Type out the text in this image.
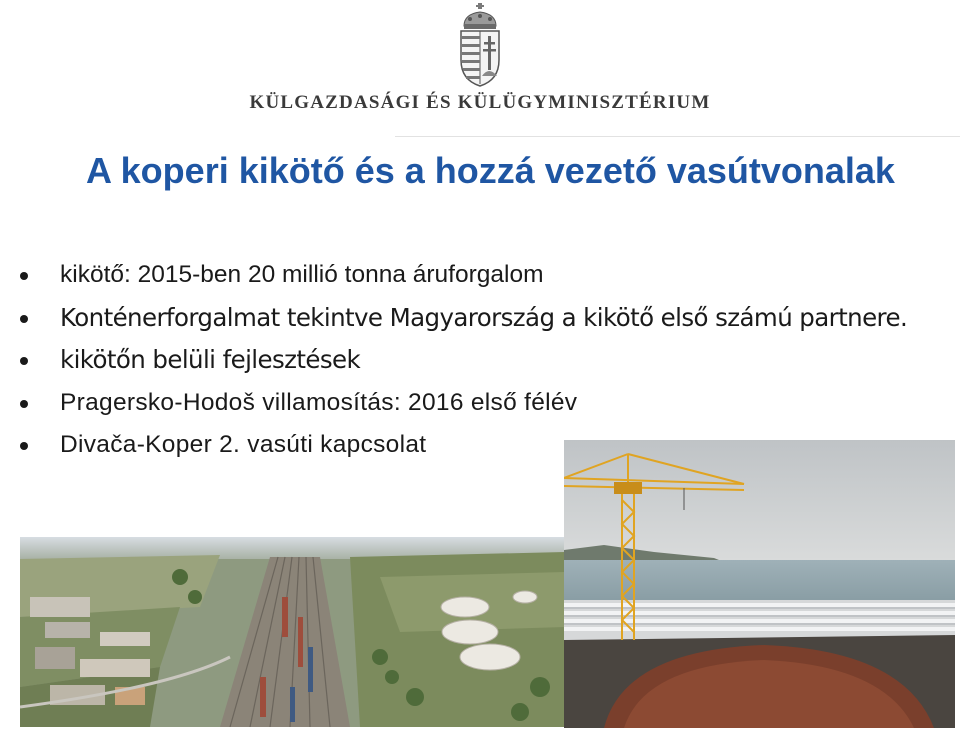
KÜLGAZDASÁGI ÉS KÜLÜGYMINISZTÉRIUM
A koperi kikötő és a hozzá vezető vasútvonalak
kikötő: 2015-ben 20 millió tonna áruforgalom
Konténerforgalmat tekintve Magyarország a kikötő első számú partnere.
kikötőn belüli fejlesztések
Pragersko-Hodoš villamosítás: 2016 első félév
Divača-Koper 2. vasúti kapcsolat
